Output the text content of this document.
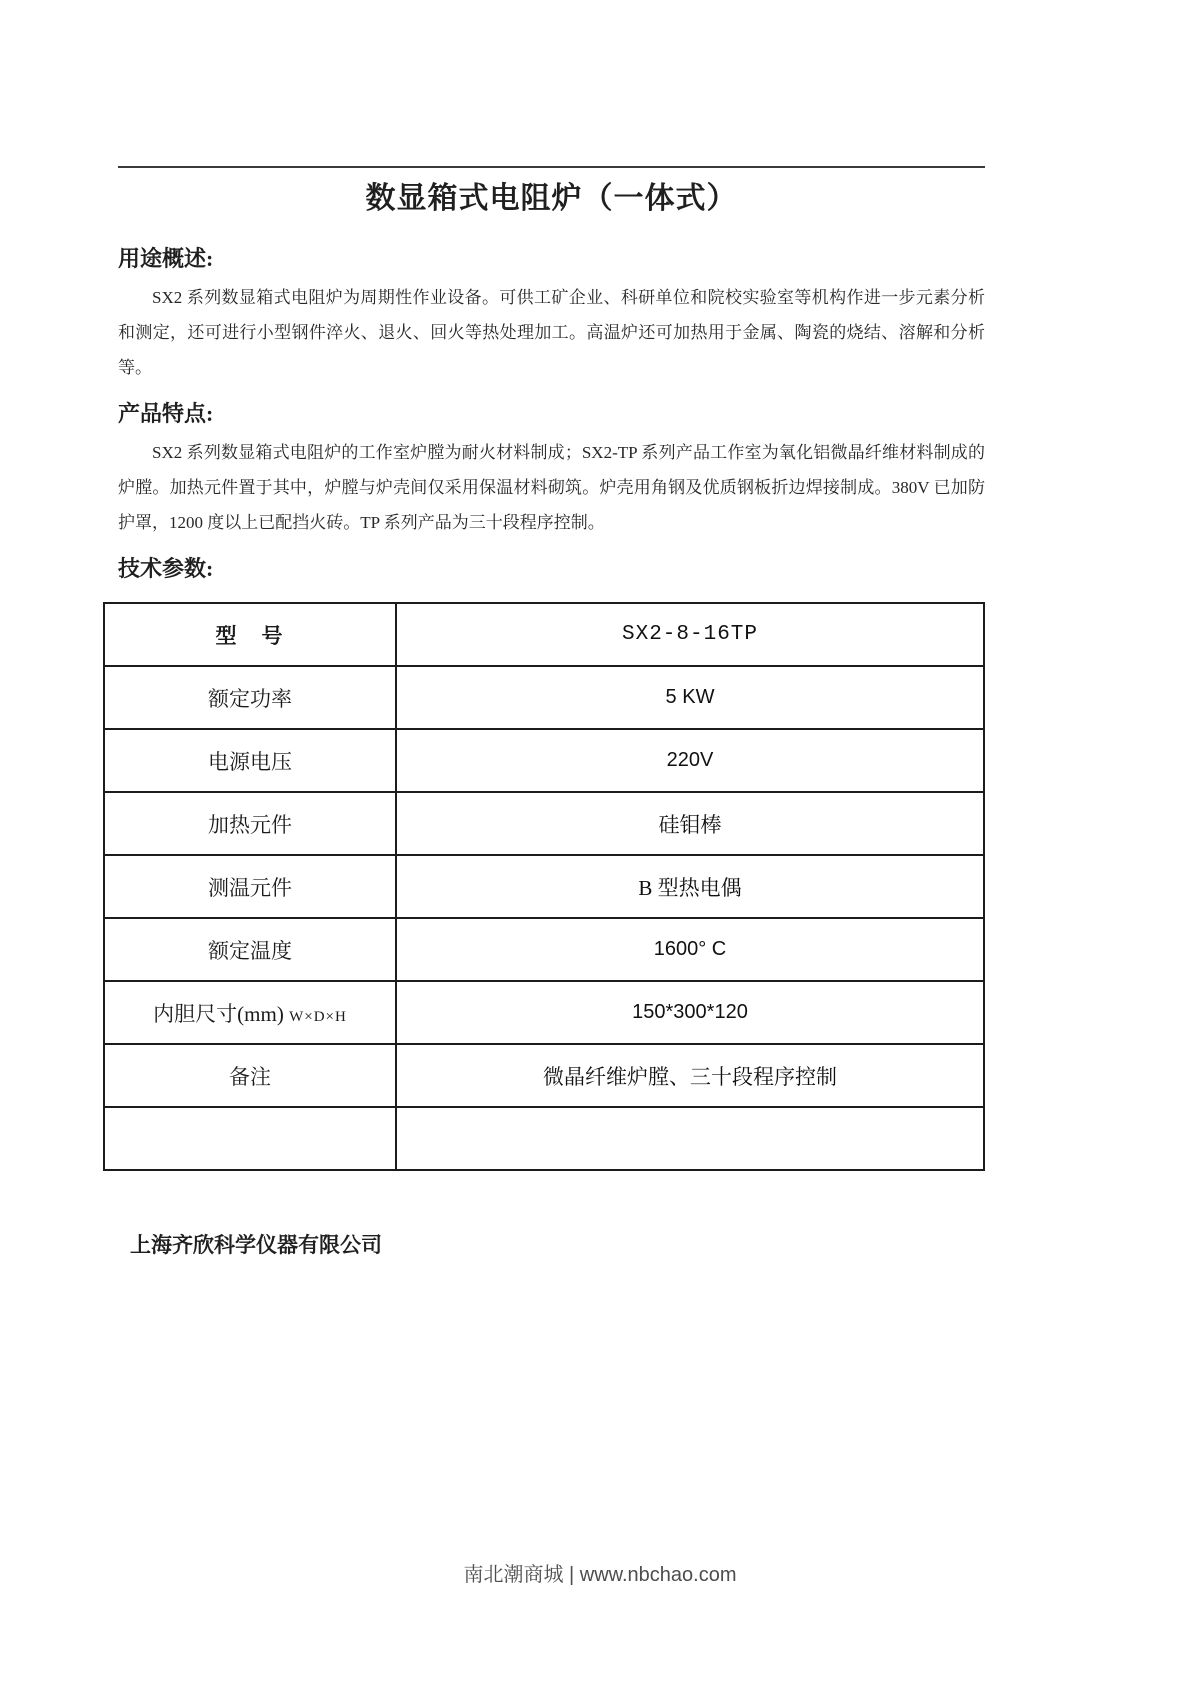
数显箱式电阻炉（一体式）
用途概述:

SX2 系列数显箱式电阻炉为周期性作业设备。可供工矿企业、科研单位和院校实验室等机构作进一步元素分析和测定，还可进行小型钢件淬火、退火、回火等热处理加工。高温炉还可加热用于金属、陶瓷的烧结、溶解和分析等。

产品特点:

SX2 系列数显箱式电阻炉的工作室炉膛为耐火材料制成；SX2-TP 系列产品工作室为氧化铝微晶纤维材料制成的炉膛。加热元件置于其中，炉膛与炉壳间仅采用保温材料砌筑。炉壳用角钢及优质钢板折边焊接制成。380V 已加防护罩，1200 度以上已配挡火砖。TP 系列产品为三十段程序控制。

技术参数:
型　号	SX2-8-16TP
额定功率	5 KW
电源电压	220V
加热元件	硅钼棒
测温元件	B 型热电偶
额定温度	1600° C
内胆尺寸(mm) W×D×H	150*300*120
备注	微晶纤维炉膛、三十段程序控制

上海齐欣科学仪器有限公司

南北潮商城 | www.nbchao.com
